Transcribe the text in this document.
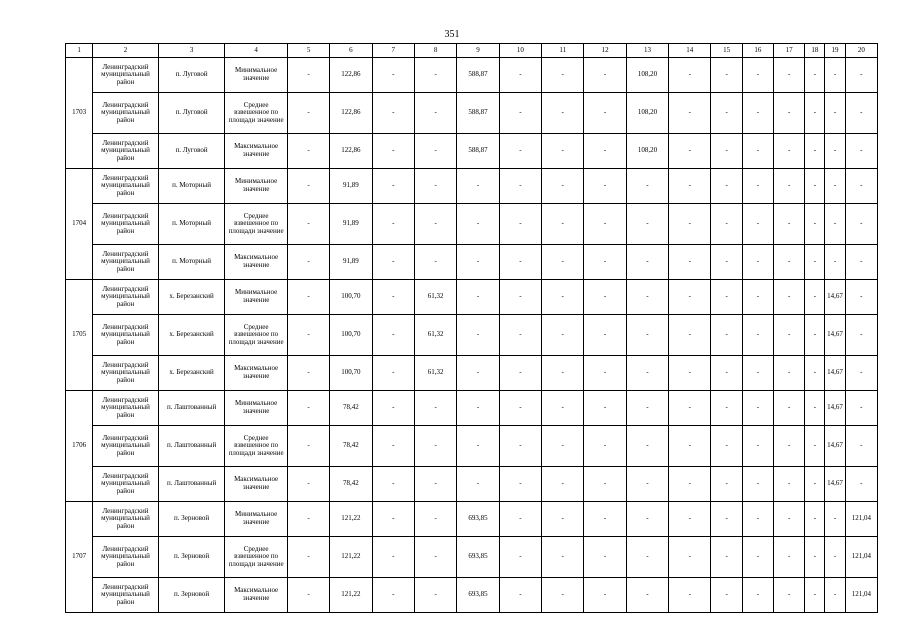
351
1	2	3	4	5	6	7	8	9	10	11	12	13	14	15	16	17	18	19	20
1703	Ленинградский муниципальный район	п. Луговой	Минимальное значение	-	122,86	-	-	588,87	-	-	-	108,20	-	-	-	-	-	-	-
	Ленинградский муниципальный район	п. Луговой	Среднее взвешенное по площади значение	-	122,86	-	-	588,87	-	-	-	108,20	-	-	-	-	-	-	-
	Ленинградский муниципальный район	п. Луговой	Максимальное значение	-	122,86	-	-	588,87	-	-	-	108,20	-	-	-	-	-	-	-
1704	Ленинградский муниципальный район	п. Моторный	Минимальное значение	-	91,89	-	-	-	-	-	-	-	-	-	-	-	-	-	-
	Ленинградский муниципальный район	п. Моторный	Среднее взвешенное по площади значение	-	91,89	-	-	-	-	-	-	-	-	-	-	-	-	-	-
	Ленинградский муниципальный район	п. Моторный	Максимальное значение	-	91,89	-	-	-	-	-	-	-	-	-	-	-	-	-	-
1705	Ленинградский муниципальный район	х. Березанский	Минимальное значение	-	100,70	-	61,32	-	-	-	-	-	-	-	-	-	-	14,67	-
	Ленинградский муниципальный район	х. Березанский	Среднее взвешенное по площади значение	-	100,70	-	61,32	-	-	-	-	-	-	-	-	-	-	14,67	-
	Ленинградский муниципальный район	х. Березанский	Максимальное значение	-	100,70	-	61,32	-	-	-	-	-	-	-	-	-	-	14,67	-
1706	Ленинградский муниципальный район	п. Лаштованный	Минимальное значение	-	78,42	-	-	-	-	-	-	-	-	-	-	-	-	14,67	-
	Ленинградский муниципальный район	п. Лаштованный	Среднее взвешенное по площади значение	-	78,42	-	-	-	-	-	-	-	-	-	-	-	-	14,67	-
	Ленинградский муниципальный район	п. Лаштованный	Максимальное значение	-	78,42	-	-	-	-	-	-	-	-	-	-	-	-	14,67	-
1707	Ленинградский муниципальный район	п. Зерновой	Минимальное значение	-	121,22	-	-	693,85	-	-	-	-	-	-	-	-	-	-	121,04
	Ленинградский муниципальный район	п. Зерновой	Среднее взвешенное по площади значение	-	121,22	-	-	693,85	-	-	-	-	-	-	-	-	-	-	121,04
	Ленинградский муниципальный район	п. Зерновой	Максимальное значение	-	121,22	-	-	693,85	-	-	-	-	-	-	-	-	-	-	121,04
